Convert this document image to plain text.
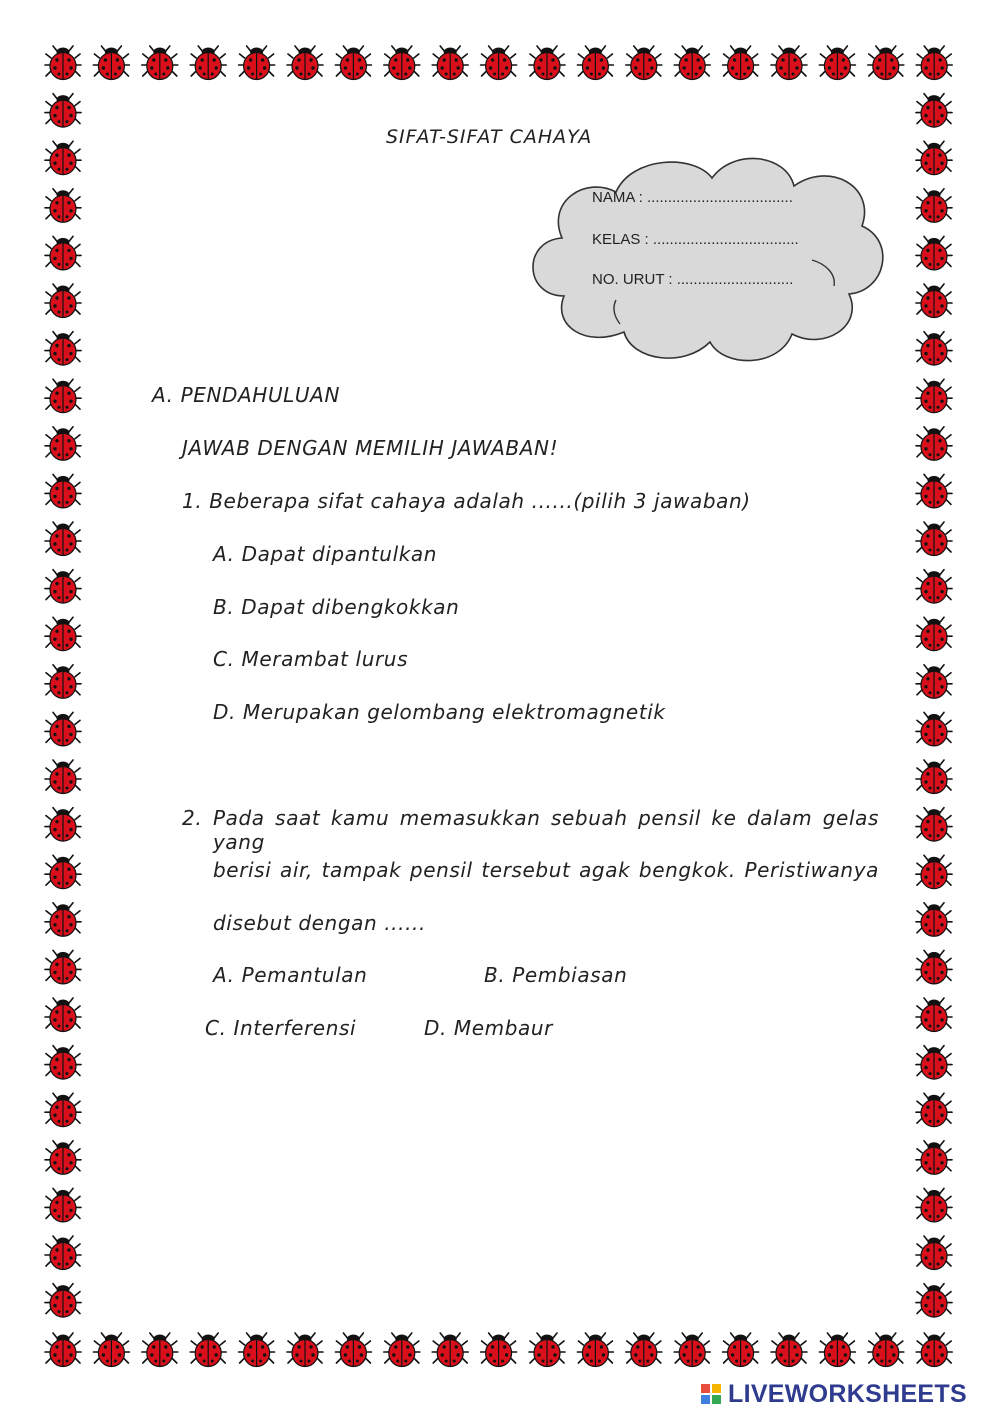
SIFAT-SIFAT CAHAYA

NAMA : ...................................

KELAS : ...................................

NO. URUT : ............................

A. PENDAHULUAN

JAWAB DENGAN MEMILIH JAWABAN!

1. Beberapa sifat cahaya adalah ......(pilih 3 jawaban)

A. Dapat dipantulkan

B. Dapat dibengkokkan

C. Merambat lurus

D. Merupakan gelombang elektromagnetik

2. Pada saat kamu memasukkan sebuah pensil ke dalam gelas yang

berisi air, tampak pensil tersebut agak bengkok. Peristiwanya

disebut dengan ......

A. Pemantulan	B. Pembiasan

C. Interferensi	D. Membaur

LIVEWORKSHEETS
